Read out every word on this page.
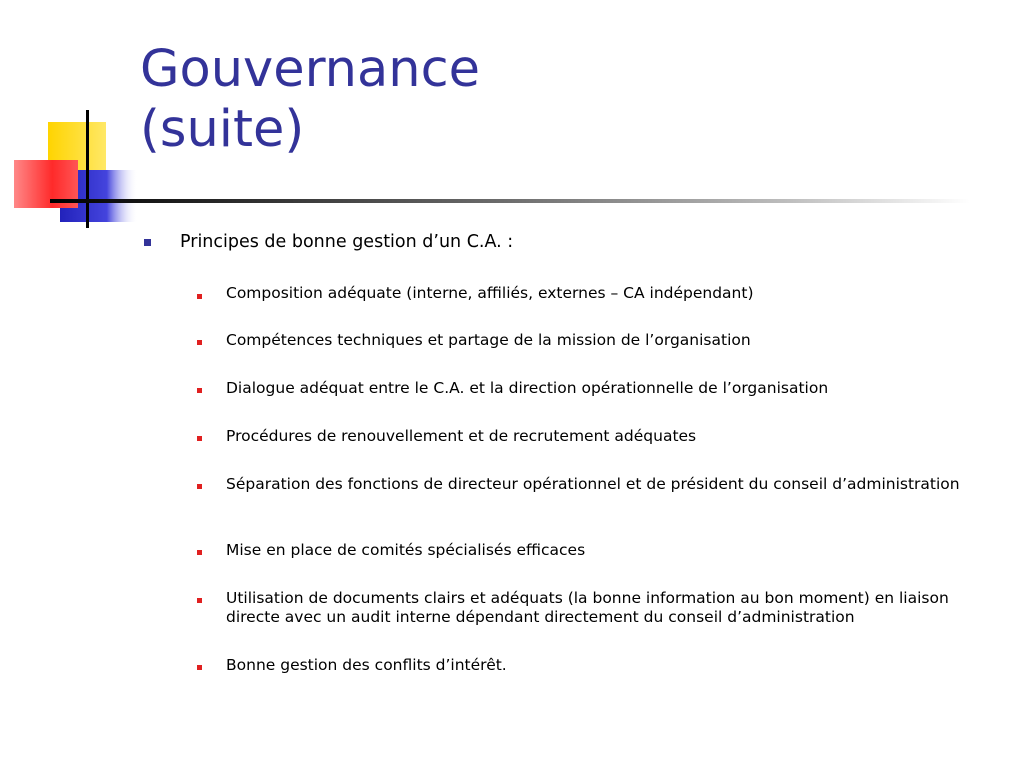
Gouvernance
(suite)
Principes de bonne gestion d’un C.A. :
Composition adéquate (interne, affiliés, externes – CA indépendant)
Compétences techniques et partage de la mission de l’organisation
Dialogue adéquat entre le C.A. et la direction opérationnelle de l’organisation
Procédures de renouvellement et de recrutement adéquates
Séparation des fonctions de directeur opérationnel et de président du conseil d’administration
Mise en place de comités spécialisés efficaces
Utilisation de documents clairs et adéquats (la bonne information au bon moment) en liaison directe avec un audit interne dépendant directement du conseil d’administration
Bonne gestion des conflits d’intérêt.
